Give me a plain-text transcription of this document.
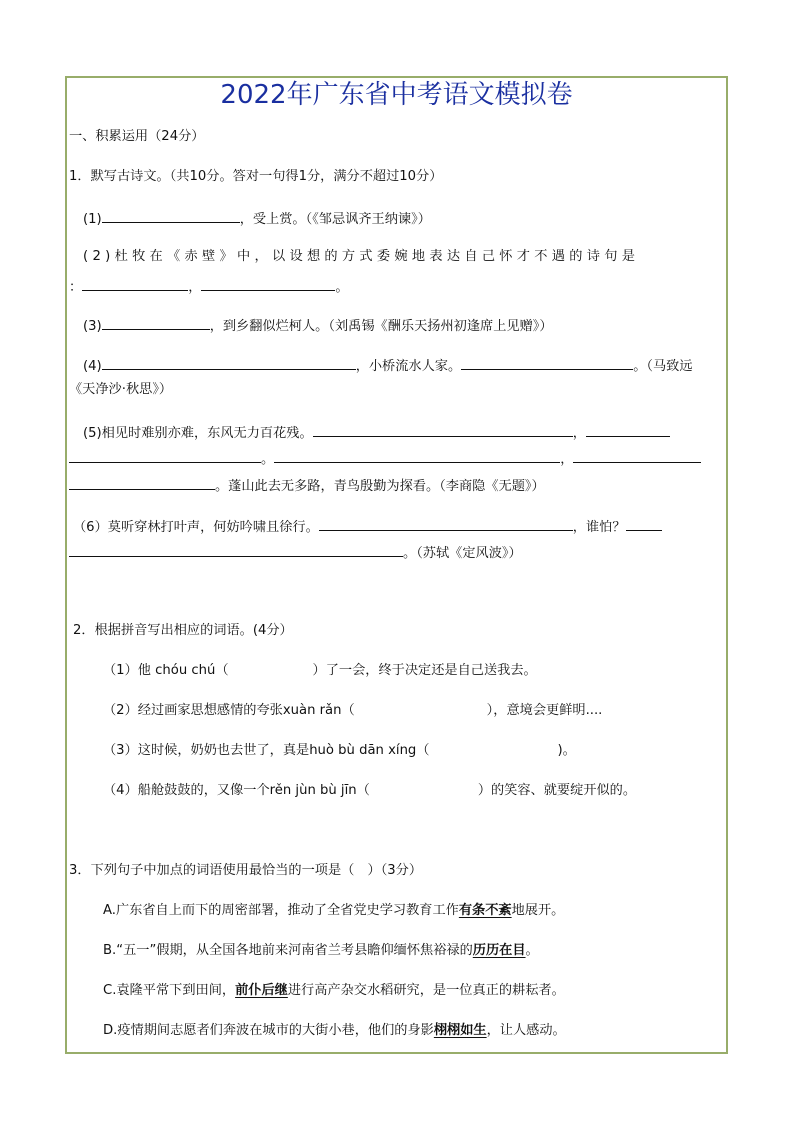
2022年广东省中考语文模拟卷
一、积累运用（24分）
1．默写古诗文。（共10分。答对一句得1分，满分不超过10分）
(1)	，受上赏。（《邹忌讽齐王纳谏》）
(2)杜牧在《赤壁》中，以设想的方式委婉地表达自己怀才不遇的诗句是
：	，	。
(3)	，到乡翻似烂柯人。（刘禹锡《酬乐天扬州初逢席上见赠》）
(4)	，小桥流水人家。	。（马致远
《天净沙·秋思》）
(5)相见时难别亦难，东风无力百花残。	，
。	，
。蓬山此去无多路，青鸟殷勤为探看。（李商隐《无题》）
（6）莫听穿林打叶声，何妨吟啸且徐行。	，谁怕？
。（苏轼《定风波》）
2．根据拼音写出相应的词语。(4分）
（1）他 chóu chú（	）了一会，终于决定还是自己送我去。
（2）经过画家思想感情的夸张xuàn rǎn（	），意境会更鲜明....
（3）这时候，奶奶也去世了，真是huò bù dān xíng（	)。
（4）船舱鼓鼓的，又像一个rěn jùn bù jīn（	）的笑容、就要绽开似的。
3．下列句子中加点的词语使用最恰当的一项是（　）（3分）
A.广东省自上而下的周密部署，推动了全省党史学习教育工作有条不紊地展开。
B.“五一”假期，从全国各地前来河南省兰考县瞻仰缅怀焦裕禄的历历在目。
C.袁隆平常下到田间，前仆后继进行高产杂交水稻研究，是一位真正的耕耘者。
D.疫情期间志愿者们奔波在城市的大街小巷，他们的身影栩栩如生，让人感动。
